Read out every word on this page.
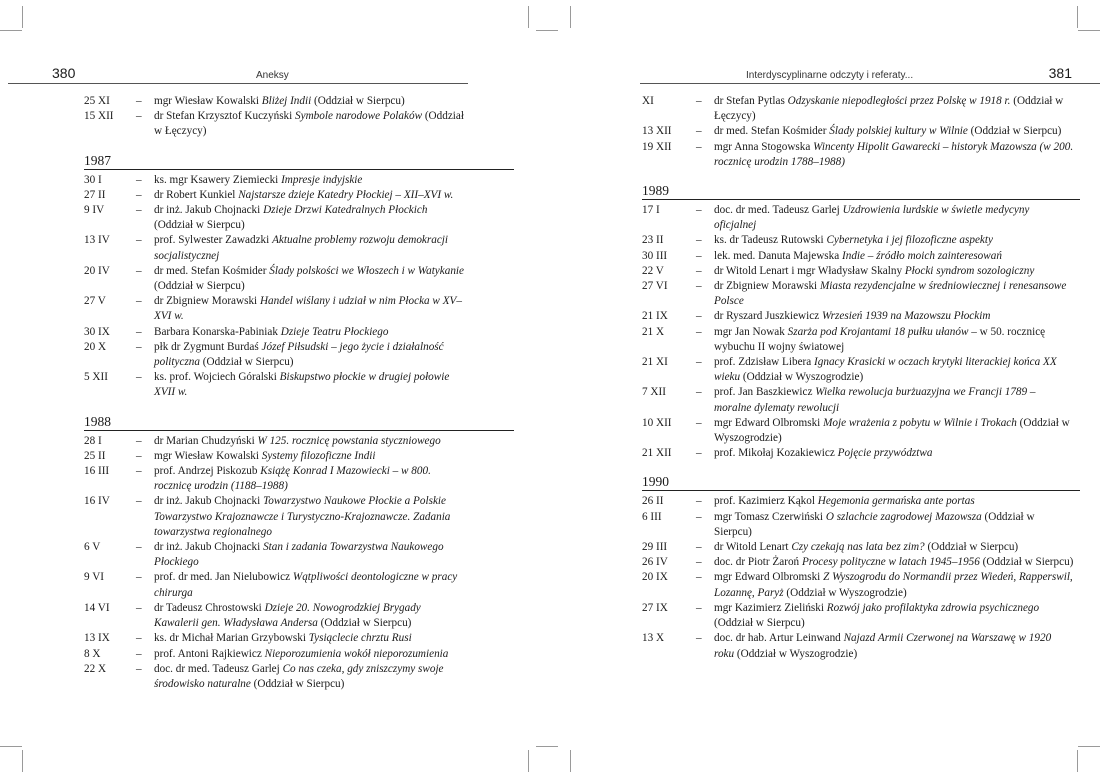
380	Aneksy
25 XI	–	mgr Wiesław Kowalski Bliżej Indii (Oddział w Sierpcu)
15 XII	–	dr Stefan Krzysztof Kuczyński Symbole narodowe Polaków (Oddział w Łęczycy)
1987
30 I	–	ks. mgr Ksawery Ziemiecki Impresje indyjskie
27 II	–	dr Robert Kunkiel Najstarsze dzieje Katedry Płockiej – XII–XVI w.
9 IV	–	dr inż. Jakub Chojnacki Dzieje Drzwi Katedralnych Płockich (Oddział w Sierpcu)
13 IV	–	prof. Sylwester Zawadzki Aktualne problemy rozwoju demokracji socjalistycznej
20 IV	–	dr med. Stefan Kośmider Ślady polskości we Włoszech i w Watykanie (Oddział w Sierpcu)
27 V	–	dr Zbigniew Morawski Handel wiślany i udział w nim Płocka w XV–XVI w.
30 IX	–	Barbara Konarska-Pabiniak Dzieje Teatru Płockiego
20 X	–	płk dr Zygmunt Burdaś Józef Piłsudski – jego życie i działalność polityczna (Oddział w Sierpcu)
5 XII	–	ks. prof. Wojciech Góralski Biskupstwo płockie w drugiej połowie XVII w.
1988
28 I	–	dr Marian Chudzyński W 125. rocznicę powstania styczniowego
25 II	–	mgr Wiesław Kowalski Systemy filozoficzne Indii
16 III	–	prof. Andrzej Piskozub Książę Konrad I Mazowiecki – w 800. rocznicę urodzin (1188–1988)
16 IV	–	dr inż. Jakub Chojnacki Towarzystwo Naukowe Płockie a Polskie Towarzystwo Krajoznawcze i Turystyczno-Krajoznawcze. Zadania towarzystwa regionalnego
6 V	–	dr inż. Jakub Chojnacki Stan i zadania Towarzystwa Naukowego Płockiego
9 VI	–	prof. dr med. Jan Nielubowicz Wątpliwości deontologiczne w pracy chirurga
14 VI	–	dr Tadeusz Chrostowski Dzieje 20. Nowogrodzkiej Brygady Kawalerii gen. Władysława Andersa (Oddział w Sierpcu)
13 IX	–	ks. dr Michał Marian Grzybowski Tysiąclecie chrztu Rusi
8 X	–	prof. Antoni Rajkiewicz Nieporozumienia wokół nieporozumienia
22 X	–	doc. dr med. Tadeusz Garlej Co nas czeka, gdy zniszczymy swoje środowisko naturalne (Oddział w Sierpcu)
Interdyscyplinarne odczyty i referaty...	381
XI	–	dr Stefan Pytlas Odzyskanie niepodległości przez Polskę w 1918 r. (Oddział w Łęczycy)
13 XII	–	dr med. Stefan Kośmider Ślady polskiej kultury w Wilnie (Oddział w Sierpcu)
19 XII	–	mgr Anna Stogowska Wincenty Hipolit Gawarecki – historyk Mazowsza (w 200. rocznicę urodzin 1788–1988)
1989
17 I	–	doc. dr med. Tadeusz Garlej Uzdrowienia lurdskie w świetle medycyny oficjalnej
23 II	–	ks. dr Tadeusz Rutowski Cybernetyka i jej filozoficzne aspekty
30 III	–	lek. med. Danuta Majewska Indie – źródło moich zainteresowań
22 V	–	dr Witold Lenart i mgr Władysław Skalny Płocki syndrom sozologiczny
27 VI	–	dr Zbigniew Morawski Miasta rezydencjalne w średniowiecznej i renesansowe Polsce
21 IX	–	dr Ryszard Juszkiewicz Wrzesień 1939 na Mazowszu Płockim
21 X	–	mgr Jan Nowak Szarża pod Krojantami 18 pułku ułanów – w 50. rocznicę wybuchu II wojny światowej
21 XI	–	prof. Zdzisław Libera Ignacy Krasicki w oczach krytyki literackiej końca XX wieku (Oddział w Wyszogrodzie)
7 XII	–	prof. Jan Baszkiewicz Wielka rewolucja burżuazyjna we Francji 1789 – moralne dylematy rewolucji
10 XII	–	mgr Edward Olbromski Moje wrażenia z pobytu w Wilnie i Trokach (Oddział w Wyszogrodzie)
21 XII	–	prof. Mikołaj Kozakiewicz Pojęcie przywództwa
1990
26 II	–	prof. Kazimierz Kąkol Hegemonia germańska ante portas
6 III	–	mgr Tomasz Czerwiński O szlachcie zagrodowej Mazowsza (Oddział w Sierpcu)
29 III	–	dr Witold Lenart Czy czekają nas lata bez zim? (Oddział w Sierpcu)
26 IV	–	doc. dr Piotr Żaroń Procesy polityczne w latach 1945–1956 (Oddział w Sierpcu)
20 IX	–	mgr Edward Olbromski Z Wyszogrodu do Normandii przez Wiedeń, Rapperswil, Lozannę, Paryż (Oddział w Wyszogrodzie)
27 IX	–	mgr Kazimierz Zieliński Rozwój jako profilaktyka zdrowia psychicznego (Oddział w Sierpcu)
13 X	–	doc. dr hab. Artur Leinwand Najazd Armii Czerwonej na Warszawę w 1920 roku (Oddział w Wyszogrodzie)
